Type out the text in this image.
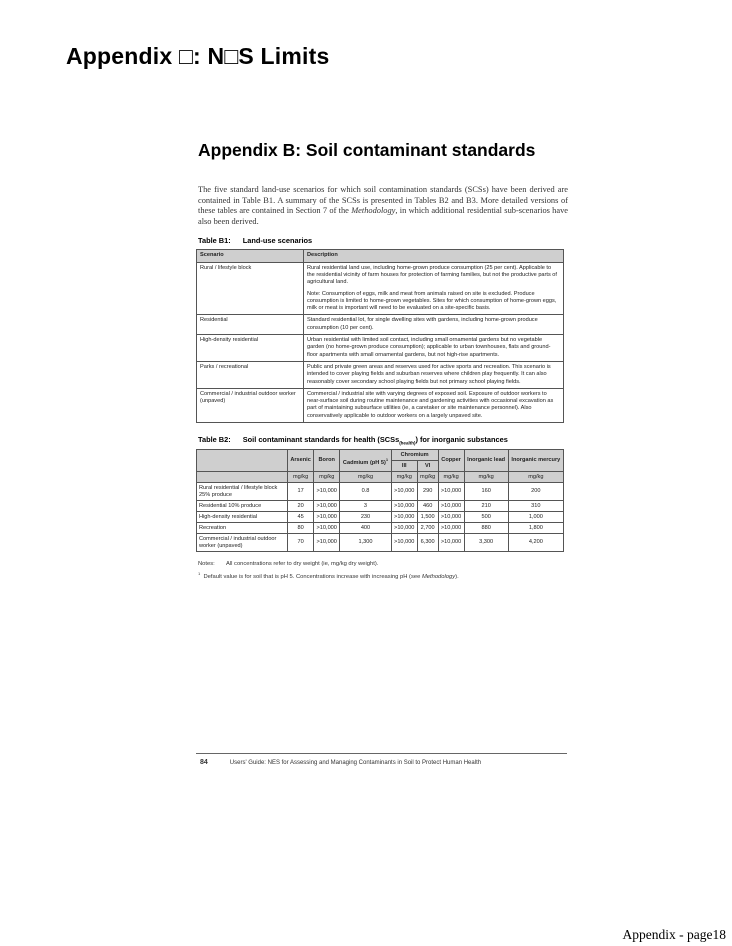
Appendix □: N□S Limits
Appendix B: Soil contaminant standards

The five standard land-use scenarios for which soil contamination standards (SCSs) have been derived are contained in Table B1. A summary of the SCSs is presented in Tables B2 and B3. More detailed versions of these tables are contained in Section 7 of the Methodology, in which additional residential sub-scenarios have also been derived.

Table B1: Land-use scenarios
Scenario	Description
Rural / lifestyle block	Rural residential land use, including home-grown produce consumption (25 per cent). Applicable to the residential vicinity of farm houses for protection of farming families, but not the productive parts of agricultural land.

Note: Consumption of eggs, milk and meat from animals raised on site is excluded. Produce consumption is limited to home-grown vegetables. Sites for which consumption of home-grown eggs, milk or meat is important will need to be evaluated on a site-specific basis.

Residential	Standard residential lot, for single dwelling sites with gardens, including home-grown produce consumption (10 per cent).
High-density residential	Urban residential with limited soil contact, including small ornamental gardens but no vegetable garden (no home-grown produce consumption); applicable to urban townhouses, flats and ground-floor apartments with small ornamental gardens, but not high-rise apartments.
Parks / recreational	Public and private green areas and reserves used for active sports and recreation. This scenario is intended to cover playing fields and suburban reserves where children play frequently. It can also reasonably cover secondary school playing fields but not primary school playing fields.
Commercial / industrial outdoor worker (unpaved)	Commercial / industrial site with varying degrees of exposed soil. Exposure of outdoor workers to near-surface soil during routine maintenance and gardening activities with occasional excavation as part of maintaining subsurface utilities (ie, a caretaker or site maintenance personnel). Also conservatively applicable to outdoor workers on a largely unpaved site.
Table B2: Soil contaminant standards for health (SCSs$_{(health)}$) for inorganic substances
	Arsenic	Boron	Cadmium (pH 5)$^1$	Chromium		Copper	Inorganic lead	Inorganic mercury
				III	VI			
	mg/kg	mg/kg	mg/kg	mg/kg	mg/kg	mg/kg	mg/kg	mg/kg
Rural residential / lifestyle block 25% produce	17	>10,000	0.8	>10,000	290	>10,000	160	200
Residential 10% produce	20	>10,000	3	>10,000	460	>10,000	210	310
High-density residential	45	>10,000	230	>10,000	1,500	>10,000	500	1,000
Recreation	80	>10,000	400	>10,000	2,700	>10,000	880	1,800
Commercial / industrial outdoor worker (unpaved)	70	>10,000	1,300	>10,000	6,300	>10,000	3,300	4,200
Notes: All concentrations refer to dry weight (ie, mg/kg dry weight).
$^1$  Default value is for soil that is pH 5. Concentrations increase with increasing pH (see Methodology).
84	Users' Guide: NES for Assessing and Managing Contaminants in Soil to Protect Human Health
Appendix - page18
